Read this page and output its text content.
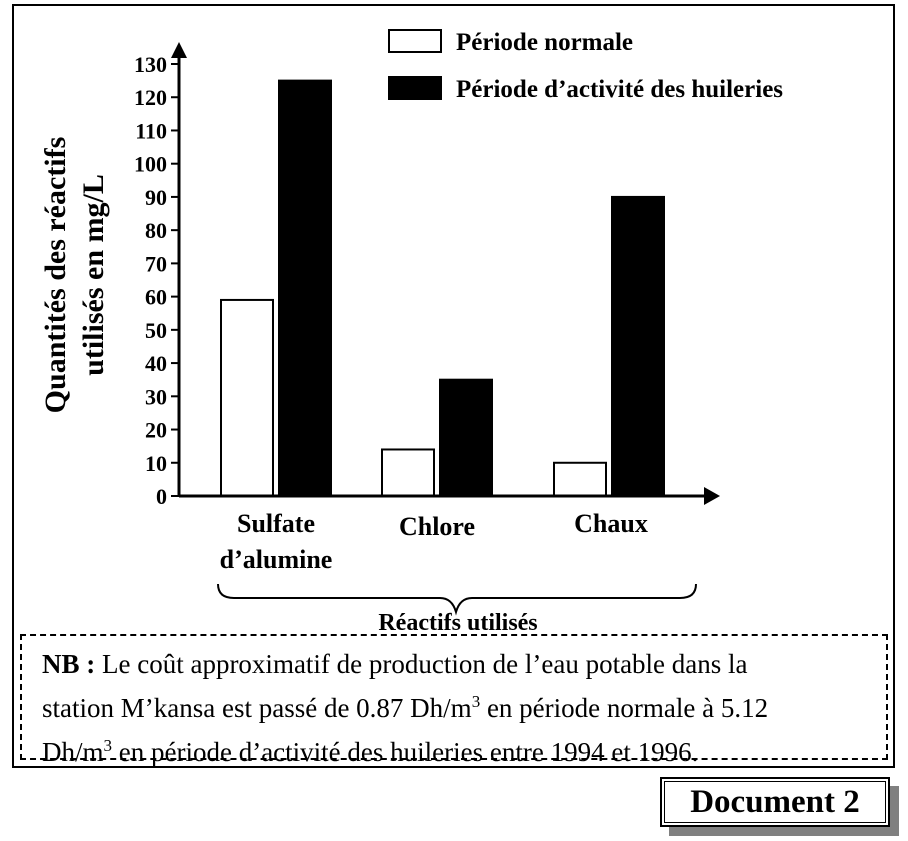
Période normale
Période d’activité des huileries
Quantités des réactifs utilisés en mg/L
0
10
20
30
40
50
60
70
80
90
100
110
120
130
Sulfate d’alumine
Chlore	Chaux
Réactifs utilisés
NB : Le coût approximatif de production de l’eau potable dans la
station M’kansa est passé de 0.87 $Dh/m^3$ en période normale à 5.12
$Dh/m^3$ en période d’activité des huileries entre 1994 et 1996.
Document 2
